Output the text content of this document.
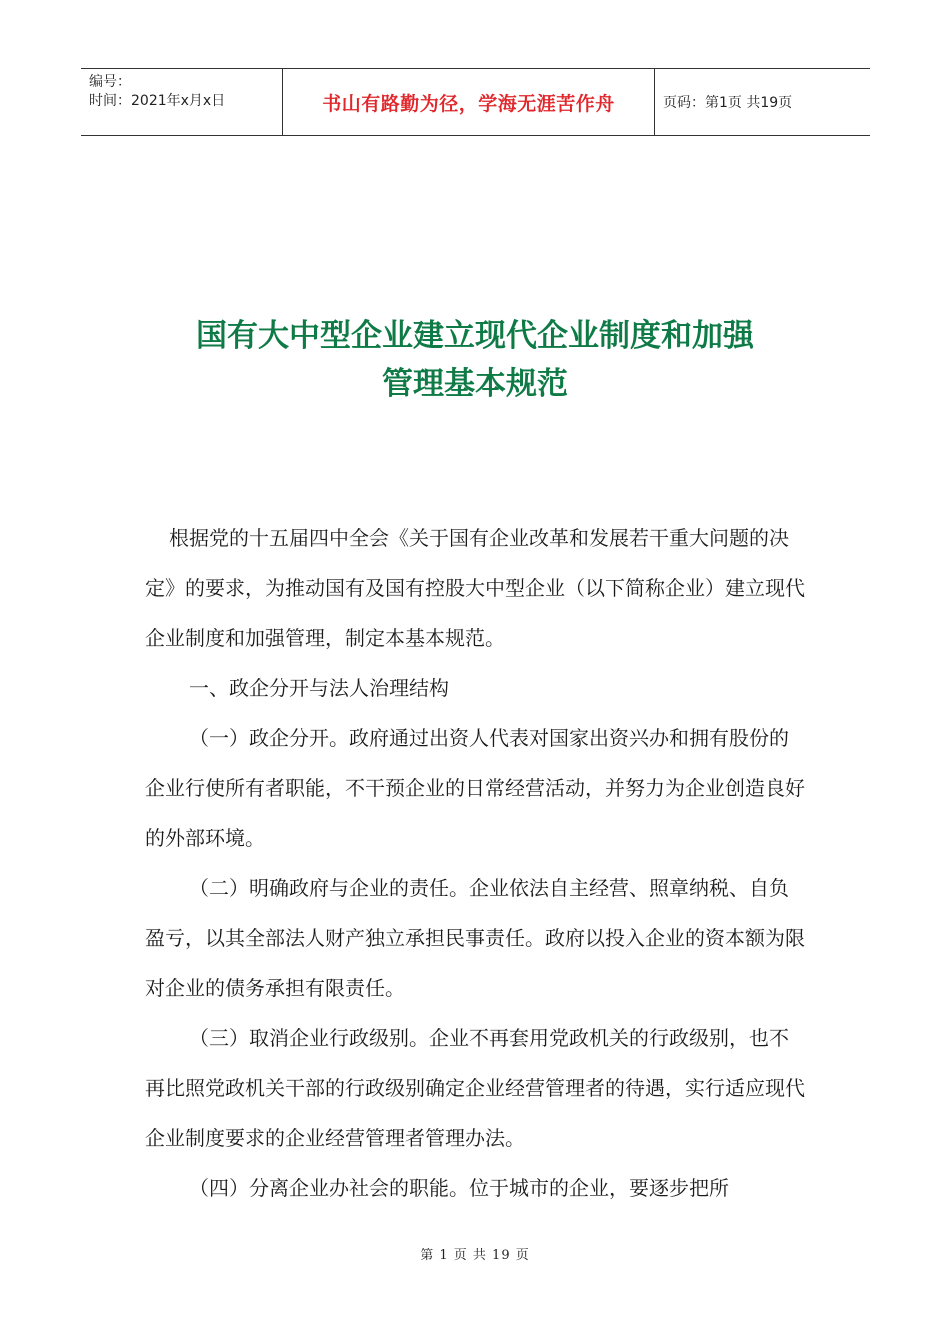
编号：
时间：2021年x月x日	书山有路勤为径，学海无涯苦作舟	页码：第1页 共19页
国有大中型企业建立现代企业制度和加强
管理基本规范

根据党的十五届四中全会《关于国有企业改革和发展若干重大问题的决定》的要求，为推动国有及国有控股大中型企业（以下简称企业）建立现代企业制度和加强管理，制定本基本规范。

一、政企分开与法人治理结构

（一）政企分开。政府通过出资人代表对国家出资兴办和拥有股份的企业行使所有者职能，不干预企业的日常经营活动，并努力为企业创造良好的外部环境。

（二）明确政府与企业的责任。企业依法自主经营、照章纳税、自负盈亏，以其全部法人财产独立承担民事责任。政府以投入企业的资本额为限对企业的债务承担有限责任。

（三）取消企业行政级别。企业不再套用党政机关的行政级别，也不再比照党政机关干部的行政级别确定企业经营管理者的待遇，实行适应现代企业制度要求的企业经营管理者管理办法。

（四）分离企业办社会的职能。位于城市的企业，要逐步把所

第 1 页 共 19 页
